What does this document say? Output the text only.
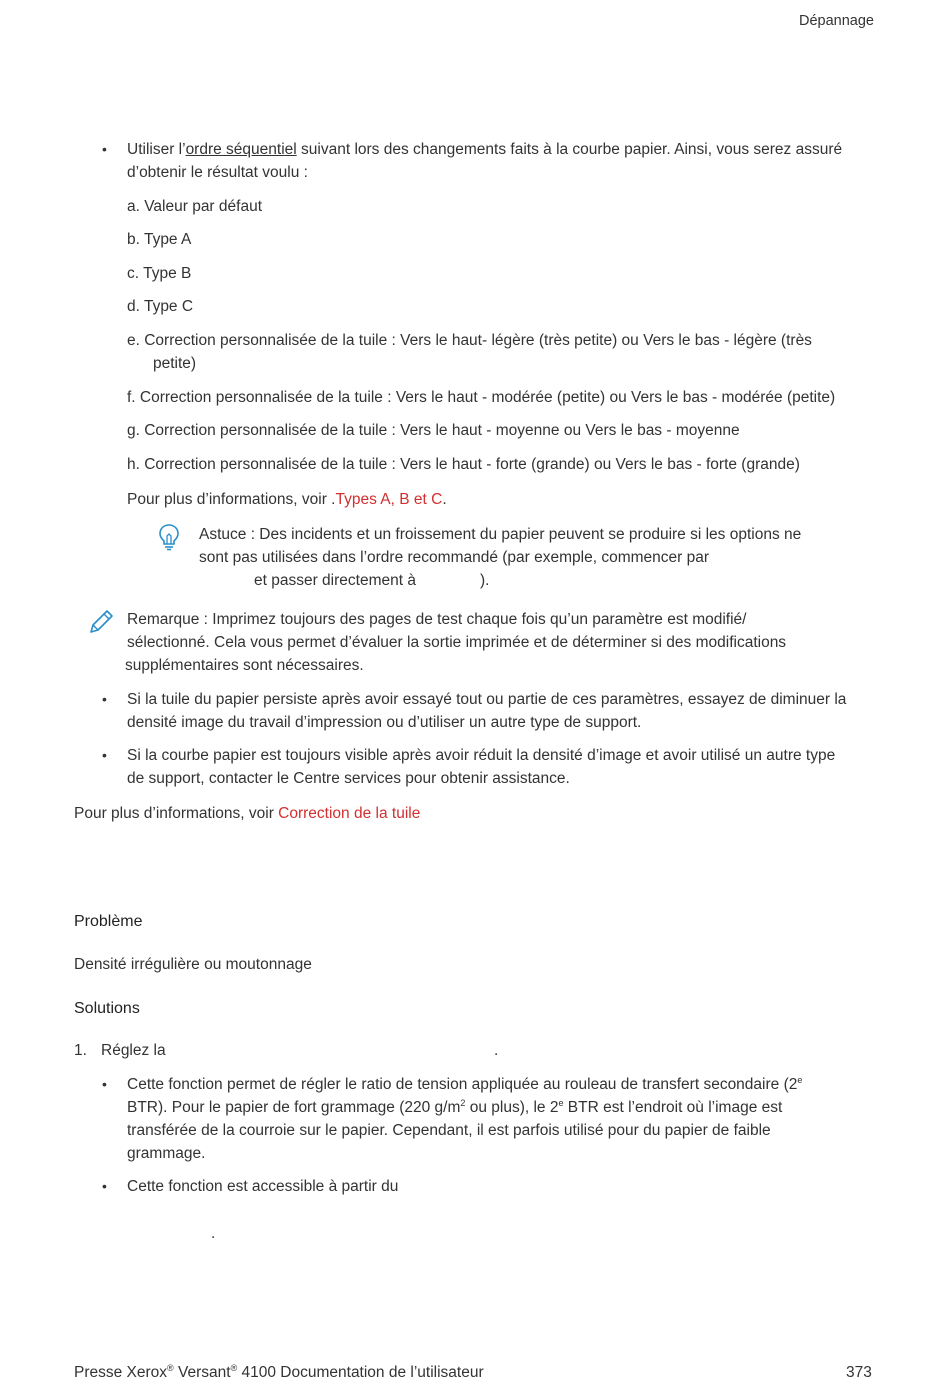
Dépannage
• Utiliser l’ordre séquentiel suivant lors des changements faits à la courbe papier. Ainsi, vous serez assuré
d’obtenir le résultat voulu :
a. Valeur par défaut
b. Type A
c. Type B
d. Type C
e. Correction personnalisée de la tuile : Vers le haut- légère (très petite) ou Vers le bas - légère (très
petite)
f. Correction personnalisée de la tuile : Vers le haut - modérée (petite) ou Vers le bas - modérée (petite)
g. Correction personnalisée de la tuile : Vers le haut - moyenne ou Vers le bas - moyenne
h. Correction personnalisée de la tuile : Vers le haut - forte (grande) ou Vers le bas - forte (grande)
Pour plus d’informations, voir .Types A, B et C.
Astuce : Des incidents et un froissement du papier peuvent se produire si les options ne
sont pas utilisées dans l’ordre recommandé (par exemple, commencer par
et passer directement à	).
Remarque : Imprimez toujours des pages de test chaque fois qu’un paramètre est modifié/
sélectionné. Cela vous permet d’évaluer la sortie imprimée et de déterminer si des modifications
supplémentaires sont nécessaires.
• Si la tuile du papier persiste après avoir essayé tout ou partie de ces paramètres, essayez de diminuer la
densité image du travail d’impression ou d’utiliser un autre type de support.
• Si la courbe papier est toujours visible après avoir réduit la densité d’image et avoir utilisé un autre type
de support, contacter le Centre services pour obtenir assistance.
Pour plus d’informations, voir Correction de la tuile
Problème
Densité irrégulière ou moutonnage
Solutions
1. Réglez la	.
• Cette fonction permet de régler le ratio de tension appliquée au rouleau de transfert secondaire (2e
BTR). Pour le papier de fort grammage (220 $g/m^2$ ou plus), le 2e BTR est l’endroit où l’image est
transférée de la courroie sur le papier. Cependant, il est parfois utilisé pour du papier de faible
grammage.
• Cette fonction est accessible à partir du
.
Presse Xerox® Versant® 4100 Documentation de l’utilisateur	373
